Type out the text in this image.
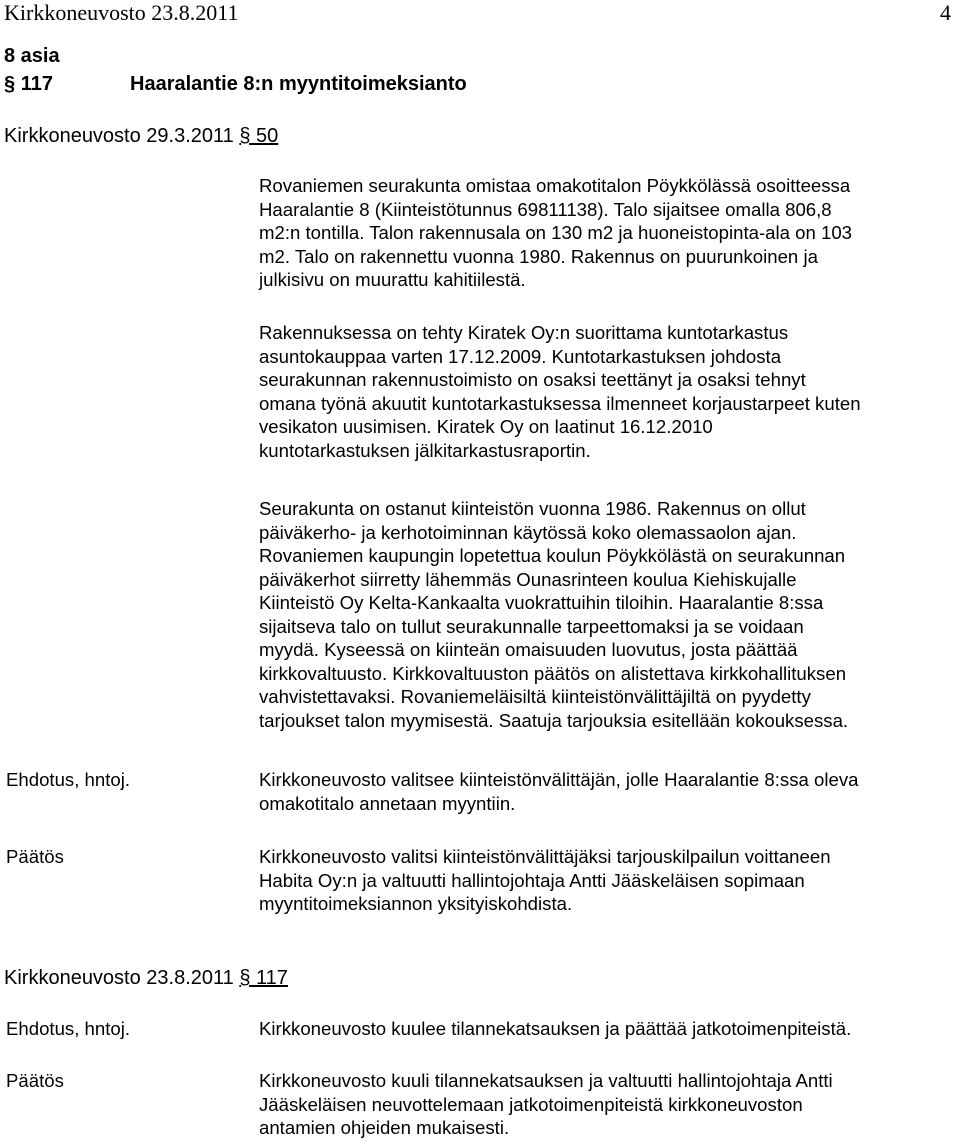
Kirkkoneuvosto 23.8.2011	4
8 asia
§ 117	Haaralantie 8:n myyntitoimeksianto
Kirkkoneuvosto 29.3.2011 § 50
Rovaniemen seurakunta omistaa omakotitalon Pöykkölässä osoitteessa
Haaralantie 8 (Kiinteistötunnus 69811138). Talo sijaitsee omalla 806,8
m2:n tontilla. Talon rakennusala on 130 m2 ja huoneistopinta-ala on 103
m2. Talo on rakennettu vuonna 1980. Rakennus on puurunkoinen ja
julkisivu on muurattu kahitiilestä.
Rakennuksessa on tehty Kiratek Oy:n suorittama kuntotarkastus
asuntokauppaa varten 17.12.2009. Kuntotarkastuksen johdosta
seurakunnan rakennustoimisto on osaksi teettänyt ja osaksi tehnyt
omana työnä akuutit kuntotarkastuksessa ilmenneet korjaustarpeet kuten
vesikaton uusimisen. Kiratek Oy on laatinut 16.12.2010
kuntotarkastuksen jälkitarkastusraportin.
Seurakunta on ostanut kiinteistön vuonna 1986. Rakennus on ollut
päiväkerho- ja kerhotoiminnan käytössä koko olemassaolon ajan.
Rovaniemen kaupungin lopetettua koulun Pöykkölästä on seurakunnan
päiväkerhot siirretty lähemmäs Ounasrinteen koulua Kiehiskujalle
Kiinteistö Oy Kelta-Kankaalta vuokrattuihin tiloihin. Haaralantie 8:ssa
sijaitseva talo on tullut seurakunnalle tarpeettomaksi ja se voidaan
myydä. Kyseessä on kiinteän omaisuuden luovutus, josta päättää
kirkkovaltuusto. Kirkkovaltuuston päätös on alistettava kirkkohallituksen
vahvistettavaksi. Rovaniemeläisiltä kiinteistönvälittäjiltä on pyydetty
tarjoukset talon myymisestä. Saatuja tarjouksia esitellään kokouksessa.
Ehdotus, hntoj.	Kirkkoneuvosto valitsee kiinteistönvälittäjän, jolle Haaralantie 8:ssa oleva
omakotitalo annetaan myyntiin.
Päätös	Kirkkoneuvosto valitsi kiinteistönvälittäjäksi tarjouskilpailun voittaneen
Habita Oy:n ja valtuutti hallintojohtaja Antti Jääskeläisen sopimaan
myyntitoimeksiannon yksityiskohdista.
Kirkkoneuvosto 23.8.2011 § 117
Ehdotus, hntoj.	Kirkkoneuvosto kuulee tilannekatsauksen ja päättää jatkotoimenpiteistä.
Päätös	Kirkkoneuvosto kuuli tilannekatsauksen ja valtuutti hallintojohtaja Antti
Jääskeläisen neuvottelemaan jatkotoimenpiteistä kirkkoneuvoston
antamien ohjeiden mukaisesti.
